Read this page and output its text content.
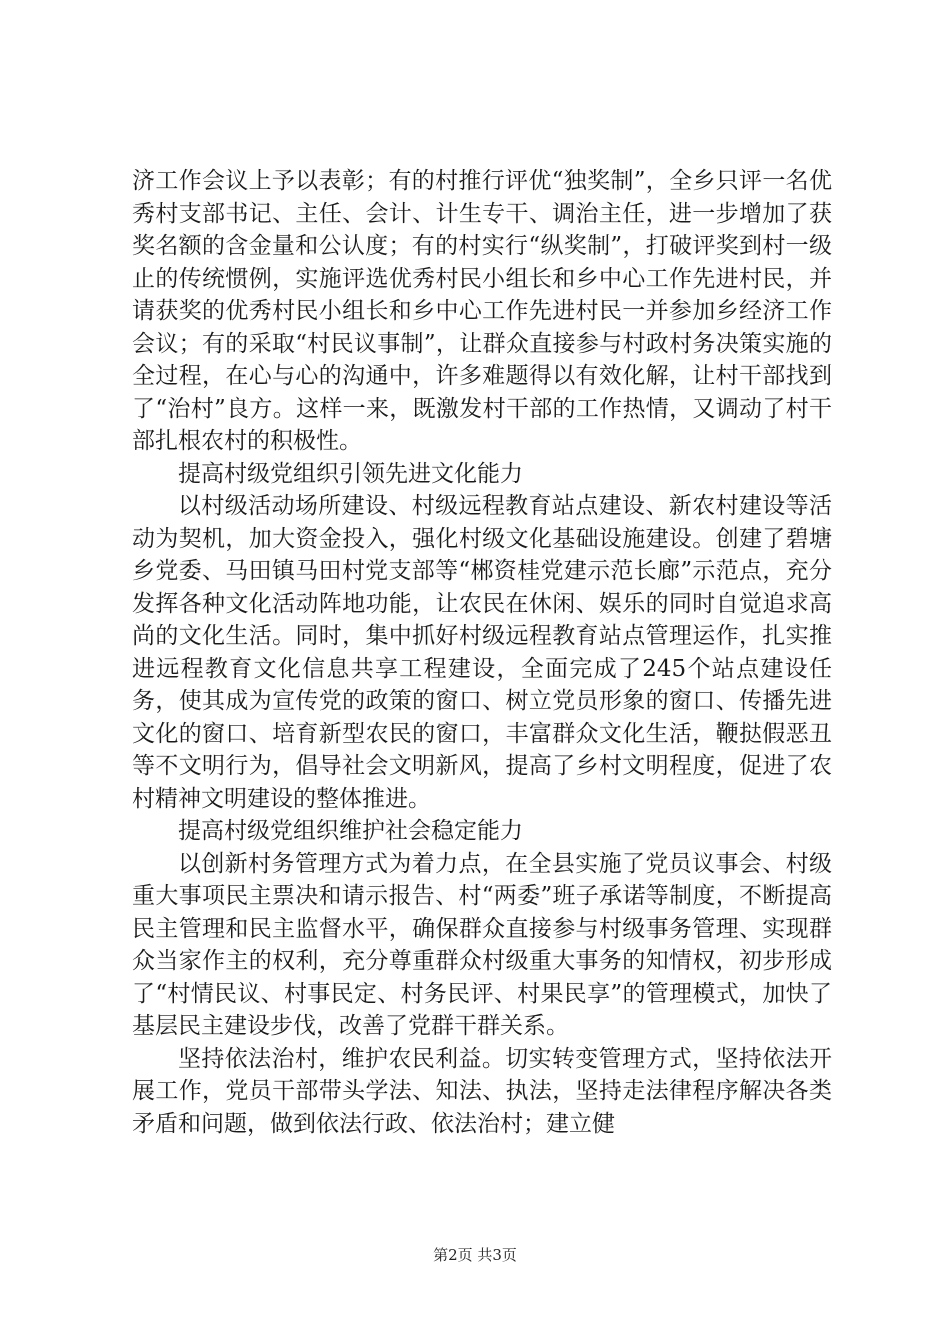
济工作会议上予以表彰；有的村推行评优“独奖制”，全乡只评一名优秀村支部书记、主任、会计、计生专干、调治主任，进一步增加了获奖名额的含金量和公认度；有的村实行“纵奖制”，打破评奖到村一级止的传统惯例，实施评选优秀村民小组长和乡中心工作先进村民，并请获奖的优秀村民小组长和乡中心工作先进村民一并参加乡经济工作会议；有的采取“村民议事制”，让群众直接参与村政村务决策实施的全过程，在心与心的沟通中，许多难题得以有效化解，让村干部找到了“治村”良方。这样一来，既激发村干部的工作热情，又调动了村干部扎根农村的积极性。

提高村级党组织引领先进文化能力

以村级活动场所建设、村级远程教育站点建设、新农村建设等活动为契机，加大资金投入，强化村级文化基础设施建设。创建了碧塘乡党委、马田镇马田村党支部等“郴资桂党建示范长廊”示范点，充分发挥各种文化活动阵地功能，让农民在休闲、娱乐的同时自觉追求高尚的文化生活。同时，集中抓好村级远程教育站点管理运作，扎实推进远程教育文化信息共享工程建设，全面完成了245个站点建设任务，使其成为宣传党的政策的窗口、树立党员形象的窗口、传播先进文化的窗口、培育新型农民的窗口，丰富群众文化生活，鞭挞假恶丑等不文明行为，倡导社会文明新风，提高了乡村文明程度，促进了农村精神文明建设的整体推进。

提高村级党组织维护社会稳定能力

以创新村务管理方式为着力点，在全县实施了党员议事会、村级重大事项民主票决和请示报告、村“两委”班子承诺等制度，不断提高民主管理和民主监督水平，确保群众直接参与村级事务管理、实现群众当家作主的权利，充分尊重群众村级重大事务的知情权，初步形成了“村情民议、村事民定、村务民评、村果民享”的管理模式，加快了基层民主建设步伐，改善了党群干群关系。

坚持依法治村，维护农民利益。切实转变管理方式，坚持依法开展工作，党员干部带头学法、知法、执法，坚持走法律程序解决各类矛盾和问题，做到依法行政、依法治村；建立健

第2页 共3页
